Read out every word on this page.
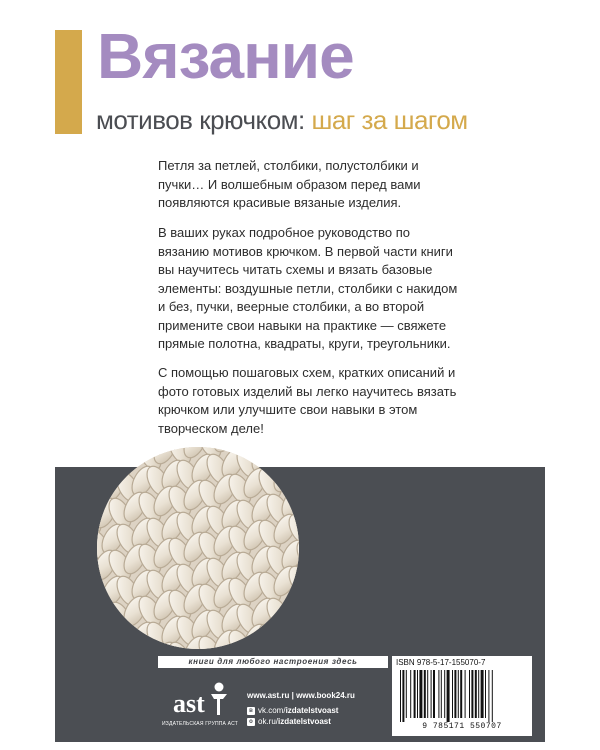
Вязание

мотивов крючком: шаг за шагом

Петля за петлей, столбики, полустолбики и пучки… И волшебным образом перед вами появляются красивые вязаные изделия.

В ваших руках подробное руководство по вязанию мотивов крючком. В первой части книги вы научитесь читать схемы и вязать базовые элементы: воздушные петли, столбики с накидом и без, пучки, веерные столбики, а во второй примените свои навыки на практике — свяжете прямые полотна, квадраты, круги, треугольники.

С помощью пошаговых схем, кратких описаний и фото готовых изделий вы легко научитесь вязать крючком или улучшите свои навыки в этом творческом деле!

книги для любого настроения здесь
ast
ИЗДАТЕЛЬСКАЯ ГРУППА АСТ

www.ast.ru | www.book24.ru

в vk.com/ izdatelstvoast
о ok.ru/ izdatelstvoast
ISBN 978-5-17-155070-7
9 785171 550707
